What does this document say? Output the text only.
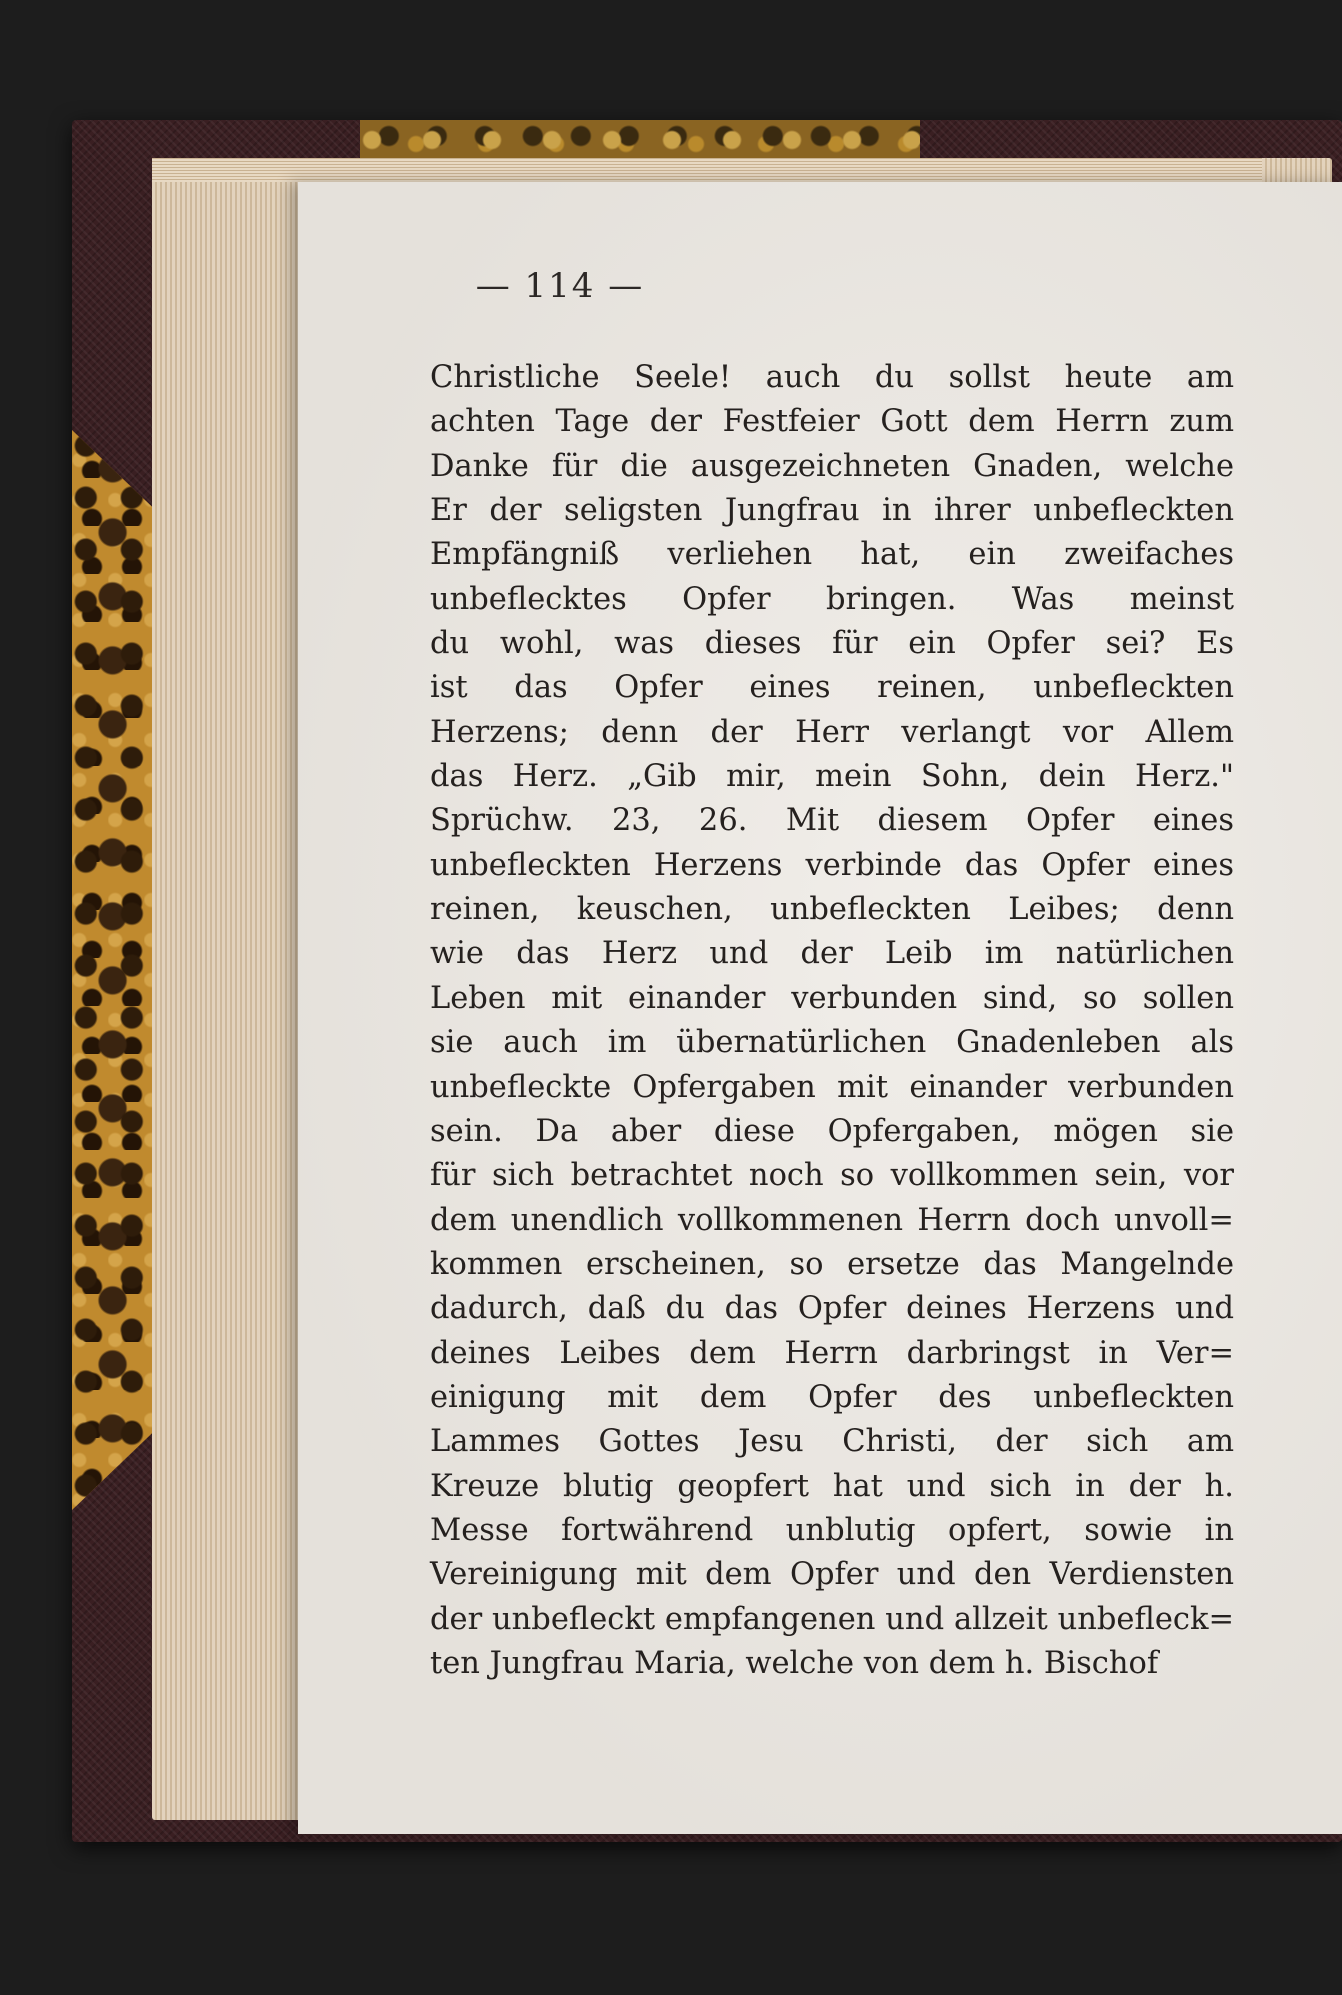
— 114 —
Christliche Seele! auch du sollst heute am
achten Tage der Festfeier Gott dem Herrn zum
Danke für die ausgezeichneten Gnaden, welche
Er der seligsten Jungfrau in ihrer unbefleckten
Empfängniß verliehen hat, ein zweifaches
unbeflecktes Opfer bringen. Was meinst
du wohl, was dieses für ein Opfer sei? Es
ist das Opfer eines reinen, unbefleckten
Herzens; denn der Herr verlangt vor Allem
das Herz. „Gib mir, mein Sohn, dein Herz."
Sprüchw. 23, 26. Mit diesem Opfer eines
unbefleckten Herzens verbinde das Opfer eines
reinen, keuschen, unbefleckten Leibes; denn
wie das Herz und der Leib im natürlichen
Leben mit einander verbunden sind, so sollen
sie auch im übernatürlichen Gnadenleben als
unbefleckte Opfergaben mit einander verbunden
sein. Da aber diese Opfergaben, mögen sie
für sich betrachtet noch so vollkommen sein, vor
dem unendlich vollkommenen Herrn doch unvoll=
kommen erscheinen, so ersetze das Mangelnde
dadurch, daß du das Opfer deines Herzens und
deines Leibes dem Herrn darbringst in Ver=
einigung mit dem Opfer des unbefleckten
Lammes Gottes Jesu Christi, der sich am
Kreuze blutig geopfert hat und sich in der h.
Messe fortwährend unblutig opfert, sowie in
Vereinigung mit dem Opfer und den Verdiensten
der unbefleckt empfangenen und allzeit unbefleck=
ten Jungfrau Maria, welche von dem h. Bischof
